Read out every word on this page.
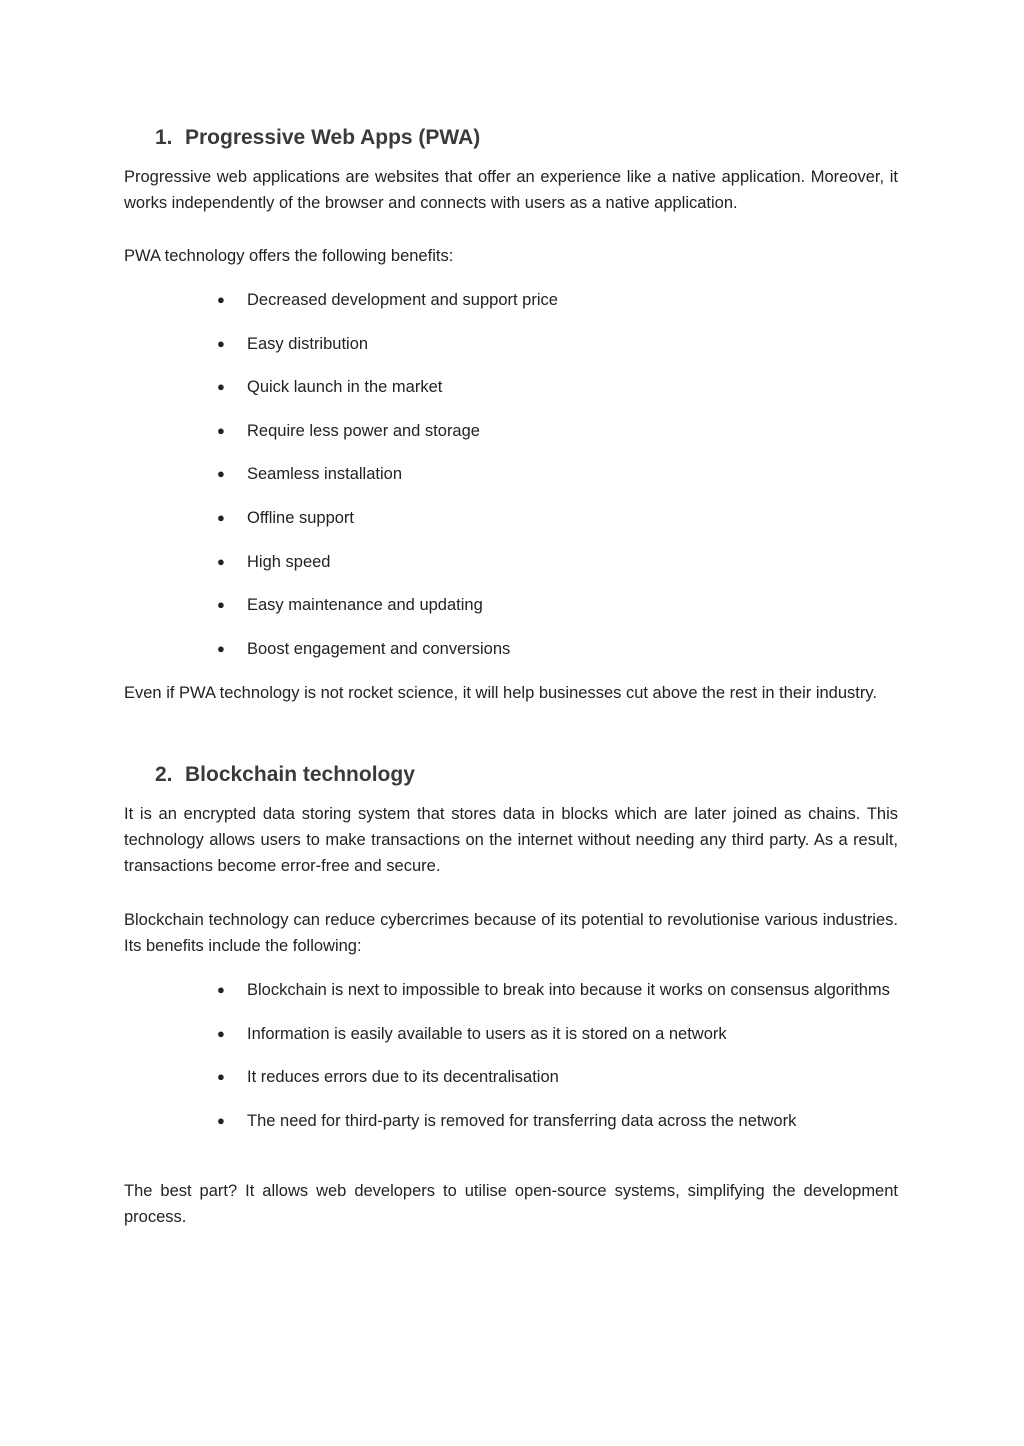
1. Progressive Web Apps (PWA)

Progressive web applications are websites that offer an experience like a native application. Moreover, it works independently of the browser and connects with users as a native application.

PWA technology offers the following benefits:

● Decreased development and support price
● Easy distribution
● Quick launch in the market
● Require less power and storage
● Seamless installation
● Offline support
● High speed
● Easy maintenance and updating
● Boost engagement and conversions

Even if PWA technology is not rocket science, it will help businesses cut above the rest in their industry.

2. Blockchain technology

It is an encrypted data storing system that stores data in blocks which are later joined as chains. This technology allows users to make transactions on the internet without needing any third party. As a result, transactions become error-free and secure.

Blockchain technology can reduce cybercrimes because of its potential to revolutionise various industries. Its benefits include the following:

● Blockchain is next to impossible to break into because it works on consensus algorithms
● Information is easily available to users as it is stored on a network
● It reduces errors due to its decentralisation
● The need for third-party is removed for transferring data across the network

The best part? It allows web developers to utilise open-source systems, simplifying the development process.
